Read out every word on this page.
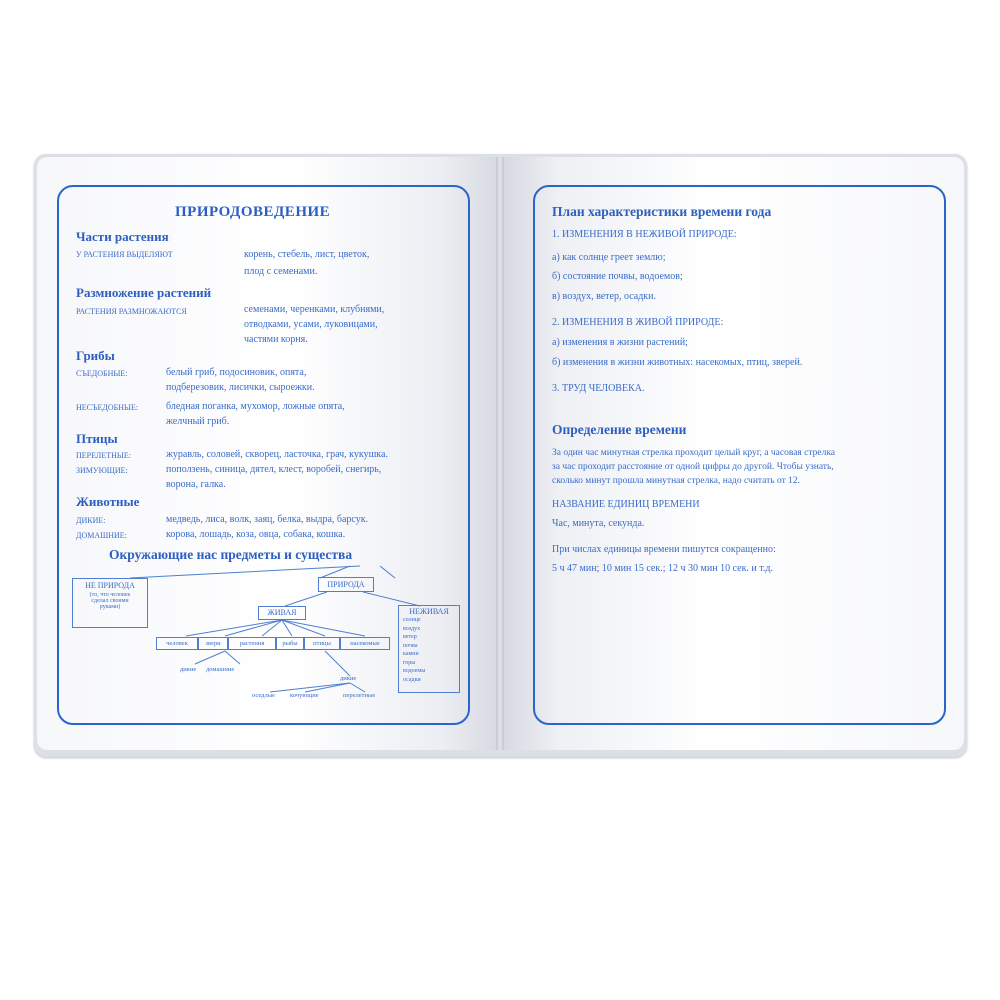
ПРИРОДОВЕДЕНИЕ
Части растения
У РАСТЕНИЯ ВЫДЕЛЯЮТ	корень, стебель, лист, цветок,
плод с семенами.
Размножение растений
РАСТЕНИЯ РАЗМНОЖАЮТСЯ	семенами, черенками, клубнями,
отводками, усами, луковицами,
частями корня.
Грибы
СЪЕДОБНЫЕ:	белый гриб, подосиновик, опята,
подберезовик, лисички, сыроежки.
НЕСЪЕДОБНЫЕ:	бледная поганка, мухомор, ложные опята,
желчный гриб.
Птицы
ПЕРЕЛЕТНЫЕ:	журавль, соловей, скворец, ласточка, грач, кукушка.
ЗИМУЮЩИЕ:	поползень, синица, дятел, клест, воробей, снегирь,
ворона, галка.
Животные
ДИКИЕ:	медведь, лиса, волк, заяц, белка, выдра, барсук.
ДОМАШНИЕ:	корова, лошадь, коза, овца, собака, кошка.
Окружающие нас предметы и существа
ПРИРОДА
НЕ ПРИРОДА
(то, что человек
сделал своими
руками)
ЖИВАЯ	НЕЖИВАЯ
солнце
воздух
ветер
почва
камни
горы
водоемы
осадки
человек	звери	растения	рыбы	птицы	насекомые
дикие домашние
дикие
оседлые кочующие	перелетные
План характеристики времени года
1. ИЗМЕНЕНИЯ В НЕЖИВОЙ ПРИРОДЕ:
а) как солнце греет землю;
б) состояние почвы, водоемов;
в) воздух, ветер, осадки.
2. ИЗМЕНЕНИЯ В ЖИВОЙ ПРИРОДЕ:
а) изменения в жизни растений;
б) изменения в жизни животных: насекомых, птиц, зверей.
3. ТРУД ЧЕЛОВЕКА.
Определение времени
За один час минутная стрелка проходит целый круг, а часовая стрелка
за час проходит расстояние от одной цифры до другой. Чтобы узнать,
сколько минут прошла минутная стрелка, надо считать от 12.
НАЗВАНИЕ ЕДИНИЦ ВРЕМЕНИ
Час, минута, секунда.
При числах единицы времени пишутся сокращенно:
5 ч 47 мин; 10 мин 15 сек.; 12 ч 30 мин 10 сек. и т.д.
